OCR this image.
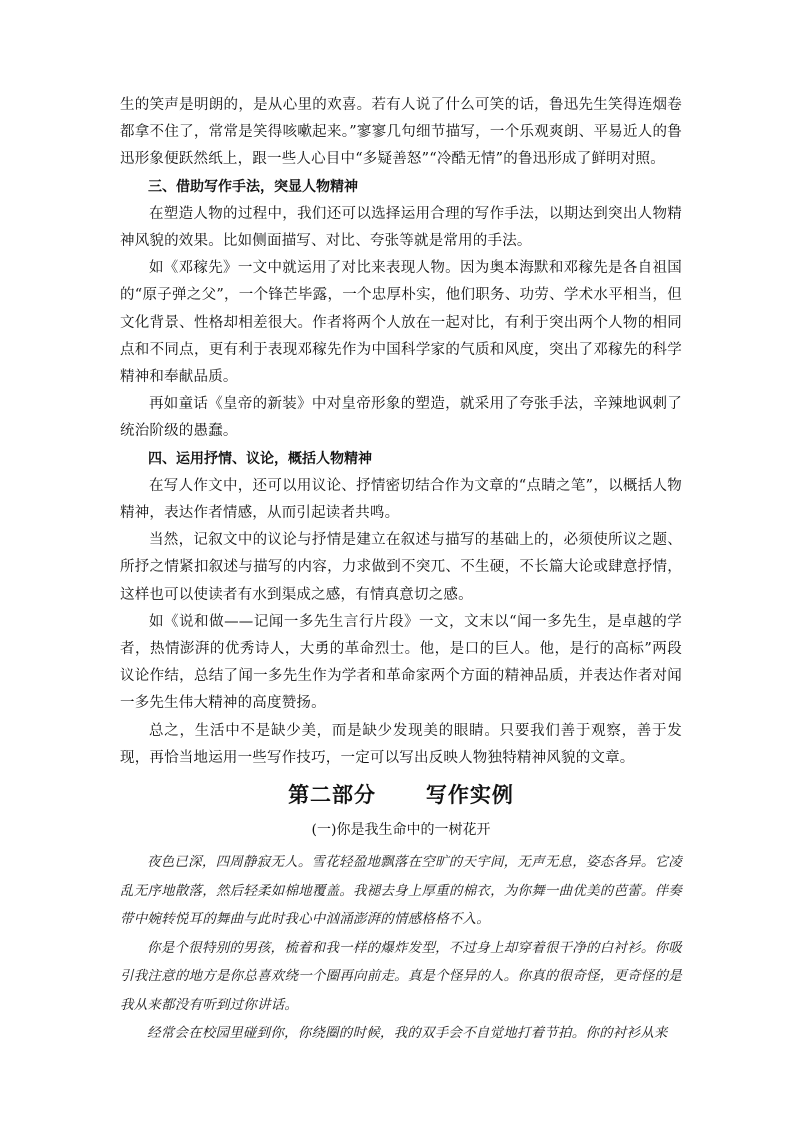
生的笑声是明朗的，是从心里的欢喜。若有人说了什么可笑的话，鲁迅先生笑得连烟卷都拿不住了，常常是笑得咳嗽起来。”寥寥几句细节描写，一个乐观爽朗、平易近人的鲁迅形象便跃然纸上，跟一些人心目中“多疑善怒”“冷酷无情”的鲁迅形成了鲜明对照。

三、借助写作手法，突显人物精神

在塑造人物的过程中，我们还可以选择运用合理的写作手法，以期达到突出人物精神风貌的效果。比如侧面描写、对比、夸张等就是常用的手法。

如《邓稼先》一文中就运用了对比来表现人物。因为奥本海默和邓稼先是各自祖国的“原子弹之父”，一个锋芒毕露，一个忠厚朴实，他们职务、功劳、学术水平相当，但文化背景、性格却相差很大。作者将两个人放在一起对比，有利于突出两个人物的相同点和不同点，更有利于表现邓稼先作为中国科学家的气质和风度，突出了邓稼先的科学精神和奉献品质。

再如童话《皇帝的新装》中对皇帝形象的塑造，就采用了夸张手法，辛辣地讽刺了统治阶级的愚蠢。

四、运用抒情、议论，概括人物精神

在写人作文中，还可以用议论、抒情密切结合作为文章的“点睛之笔”，以概括人物精神，表达作者情感，从而引起读者共鸣。

当然，记叙文中的议论与抒情是建立在叙述与描写的基础上的，必须使所议之题、所抒之情紧扣叙述与描写的内容，力求做到不突兀、不生硬，不长篇大论或肆意抒情，这样也可以使读者有水到渠成之感，有情真意切之感。

如《说和做——记闻一多先生言行片段》一文，文末以“闻一多先生，是卓越的学者，热情澎湃的优秀诗人，大勇的革命烈士。他，是口的巨人。他，是行的高标”两段议论作结，总结了闻一多先生作为学者和革命家两个方面的精神品质，并表达作者对闻一多先生伟大精神的高度赞扬。

总之，生活中不是缺少美，而是缺少发现美的眼睛。只要我们善于观察，善于发现，再恰当地运用一些写作技巧，一定可以写出反映人物独特精神风貌的文章。

第二部分      写作实例
(一)你是我生命中的一树花开

夜色已深，四周静寂无人。雪花轻盈地飘落在空旷的天宇间，无声无息，姿态各异。它凌乱无序地散落，然后轻柔如棉地覆盖。我褪去身上厚重的棉衣，为你舞一曲优美的芭蕾。伴奏带中婉转悦耳的舞曲与此时我心中汹涌澎湃的情感格格不入。

你是个很特别的男孩，梳着和我一样的爆炸发型，不过身上却穿着很干净的白衬衫。你吸引我注意的地方是你总喜欢绕一个圈再向前走。真是个怪异的人。你真的很奇怪，更奇怪的是我从来都没有听到过你讲话。

经常会在校园里碰到你，你绕圈的时候，我的双手会不自觉地打着节拍。你的衬衫从来
